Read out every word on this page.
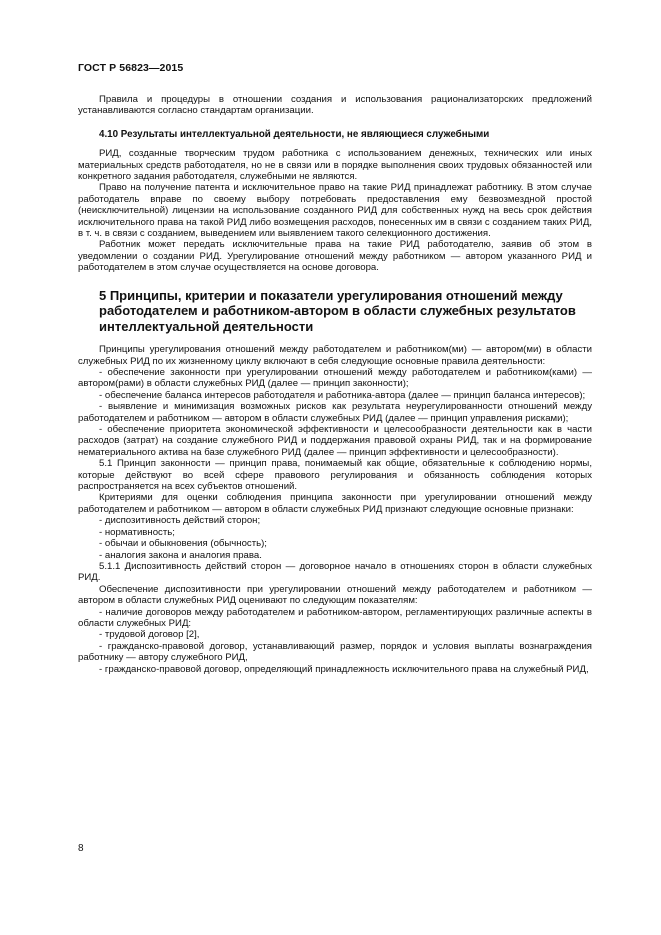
ГОСТ Р 56823—2015

Правила и процедуры в отношении создания и использования рационализаторских предложений устанавливаются согласно стандартам организации.

4.10 Результаты интеллектуальной деятельности, не являющиеся служебными

РИД, созданные творческим трудом работника с использованием денежных, технических или иных материальных средств работодателя, но не в связи или в порядке выполнения своих трудовых обязанностей или конкретного задания работодателя, служебными не являются.

Право на получение патента и исключительное право на такие РИД принадлежат работнику. В этом случае работодатель вправе по своему выбору потребовать предоставления ему безвозмездной простой (неисключительной) лицензии на использование созданного РИД для собственных нужд на весь срок действия исключительного права на такой РИД либо возмещения расходов, понесенных им в связи с созданием таких РИД, в т. ч. в связи с созданием, выведением или выявлением такого селекционного достижения.

Работник может передать исключительные права на такие РИД работодателю, заявив об этом в уведомлении о создании РИД. Урегулирование отношений между работником — автором указанного РИД и работодателем в этом случае осуществляется на основе договора.

5 Принципы, критерии и показатели урегулирования отношений между работодателем и работником-автором в области служебных результатов интеллектуальной деятельности

Принципы урегулирования отношений между работодателем и работником(ми) — автором(ми) в области служебных РИД по их жизненному циклу включают в себя следующие основные правила деятельности:

- обеспечение законности при урегулировании отношений между работодателем и работником(ками) — автором(рами) в области служебных РИД (далее — принцип законности);

- обеспечение баланса интересов работодателя и работника-автора (далее — принцип баланса интересов);

- выявление и минимизация возможных рисков как результата неурегулированности отношений между работодателем и работником — автором в области служебных РИД (далее — принцип управления рисками);

- обеспечение приоритета экономической эффективности и целесообразности деятельности как в части расходов (затрат) на создание служебного РИД и поддержания правовой охраны РИД, так и на формирование нематериального актива на базе служебного РИД (далее — принцип эффективности и целесообразности).

5.1 Принцип законности — принцип права, понимаемый как общие, обязательные к соблюдению нормы, которые действуют во всей сфере правового регулирования и обязанность соблюдения которых распространяется на всех субъектов отношений.

Критериями для оценки соблюдения принципа законности при урегулировании отношений между работодателем и работником — автором в области служебных РИД признают следующие основные признаки:

- диспозитивность действий сторон;

- нормативность;

- обычаи и обыкновения (обычность);

- аналогия закона и аналогия права.

5.1.1 Диспозитивность действий сторон — договорное начало в отношениях сторон в области служебных РИД.

Обеспечение диспозитивности при урегулировании отношений между работодателем и работником — автором в области служебных РИД оценивают по следующим показателям:

- наличие договоров между работодателем и работником-автором, регламентирующих различные аспекты в области служебных РИД:

- трудовой договор [2],

- гражданско-правовой договор, устанавливающий размер, порядок и условия выплаты вознаграждения работнику — автору служебного РИД,

- гражданско-правовой договор, определяющий принадлежность исключительного права на служебный РИД,

8
